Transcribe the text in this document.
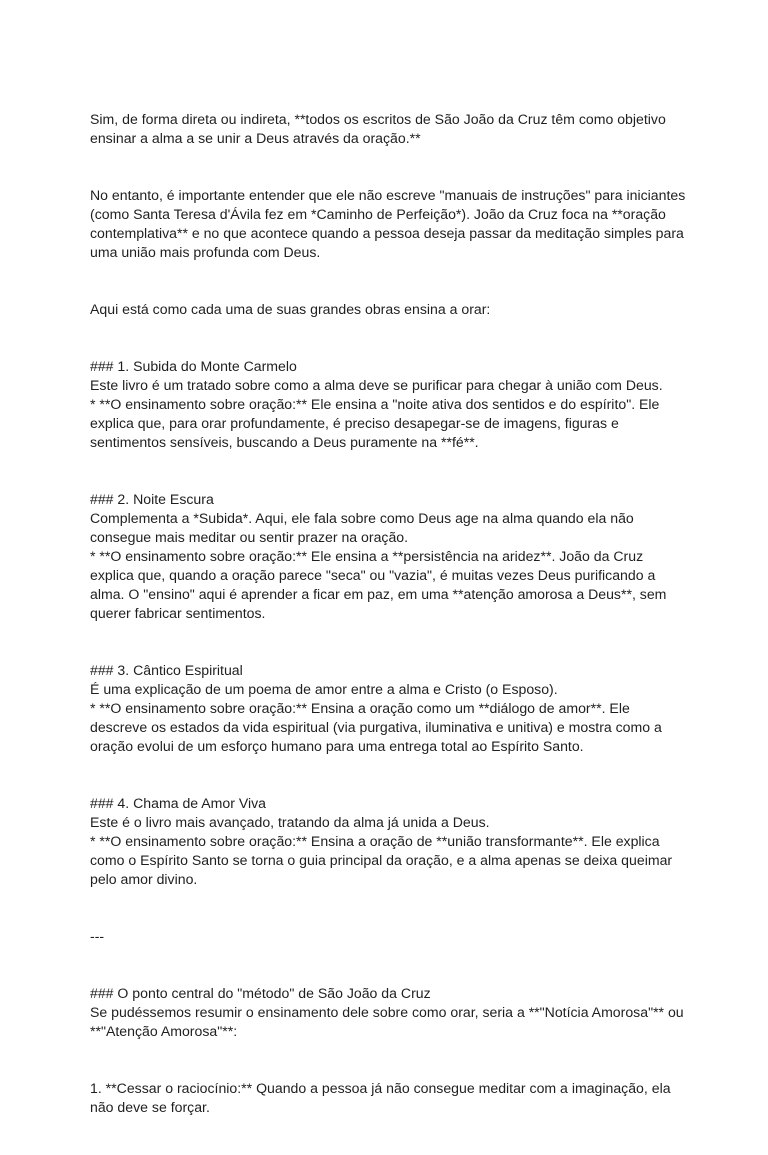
Sim, de forma direta ou indireta, **todos os escritos de São João da Cruz têm como objetivo
ensinar a alma a se unir a Deus através da oração.**

No entanto, é importante entender que ele não escreve "manuais de instruções" para iniciantes
(como Santa Teresa d'Ávila fez em *Caminho de Perfeição*). João da Cruz foca na **oração
contemplativa** e no que acontece quando a pessoa deseja passar da meditação simples para
uma união mais profunda com Deus.

Aqui está como cada uma de suas grandes obras ensina a orar:

### 1. Subida do Monte Carmelo
Este livro é um tratado sobre como a alma deve se purificar para chegar à união com Deus.
* **O ensinamento sobre oração:** Ele ensina a "noite ativa dos sentidos e do espírito". Ele
explica que, para orar profundamente, é preciso desapegar-se de imagens, figuras e
sentimentos sensíveis, buscando a Deus puramente na **fé**.

### 2. Noite Escura
Complementa a *Subida*. Aqui, ele fala sobre como Deus age na alma quando ela não
consegue mais meditar ou sentir prazer na oração.
* **O ensinamento sobre oração:** Ele ensina a **persistência na aridez**. João da Cruz
explica que, quando a oração parece "seca" ou "vazia", é muitas vezes Deus purificando a
alma. O "ensino" aqui é aprender a ficar em paz, em uma **atenção amorosa a Deus**, sem
querer fabricar sentimentos.

### 3. Cântico Espiritual
É uma explicação de um poema de amor entre a alma e Cristo (o Esposo).
* **O ensinamento sobre oração:** Ensina a oração como um **diálogo de amor**. Ele
descreve os estados da vida espiritual (via purgativa, iluminativa e unitiva) e mostra como a
oração evolui de um esforço humano para uma entrega total ao Espírito Santo.

### 4. Chama de Amor Viva
Este é o livro mais avançado, tratando da alma já unida a Deus.
* **O ensinamento sobre oração:** Ensina a oração de **união transformante**. Ele explica
como o Espírito Santo se torna o guia principal da oração, e a alma apenas se deixa queimar
pelo amor divino.

---

### O ponto central do "método" de São João da Cruz
Se pudéssemos resumir o ensinamento dele sobre como orar, seria a **"Notícia Amorosa"** ou
**"Atenção Amorosa"**:

1. **Cessar o raciocínio:** Quando a pessoa já não consegue meditar com a imaginação, ela
não deve se forçar.
